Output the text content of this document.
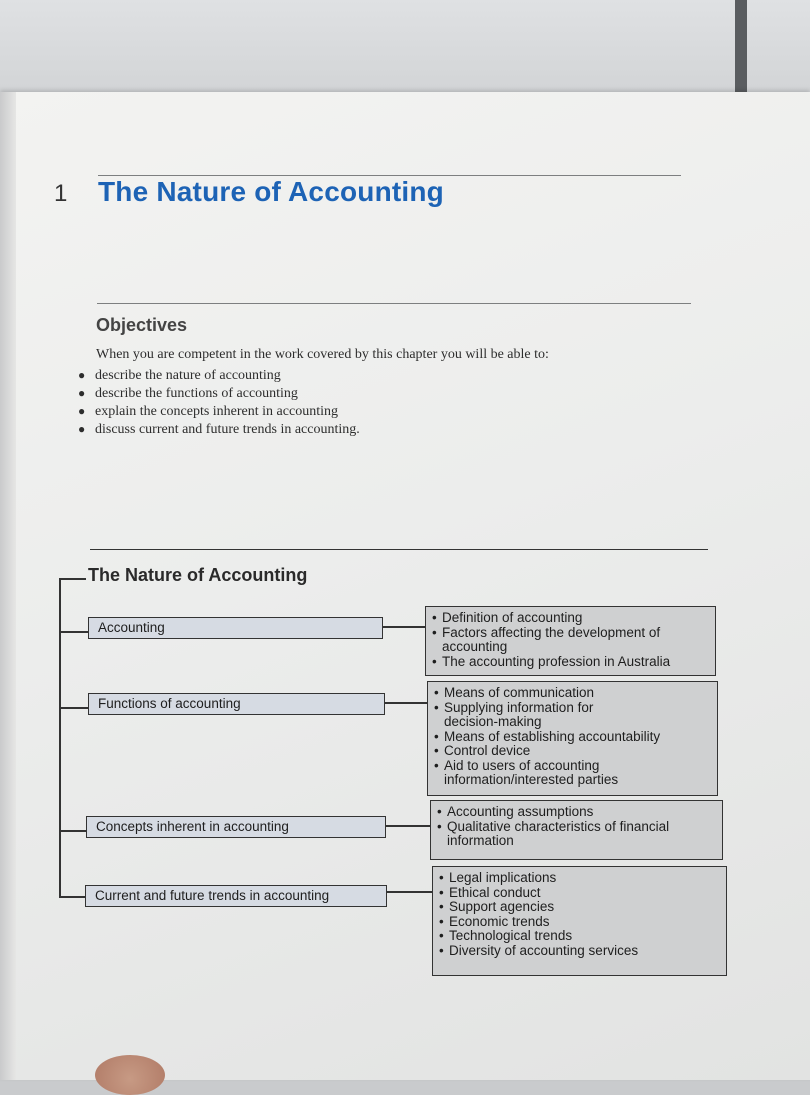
1 The Nature of Accounting
Objectives
When you are competent in the work covered by this chapter you will be able to:
● describe the nature of accounting
● describe the functions of accounting
● explain the concepts inherent in accounting
● discuss current and future trends in accounting.
The Nature of Accounting
Accounting
• Definition of accounting
• Factors affecting the development of
accounting
• The accounting profession in Australia
Functions of accounting
• Means of communication
• Supplying information for
decision-making
• Means of establishing accountability
• Control device
• Aid to users of accounting
information/interested parties
Concepts inherent in accounting
• Accounting assumptions
• Qualitative characteristics of financial
information
Current and future trends in accounting
• Legal implications
• Ethical conduct
• Support agencies
• Economic trends
• Technological trends
• Diversity of accounting services
